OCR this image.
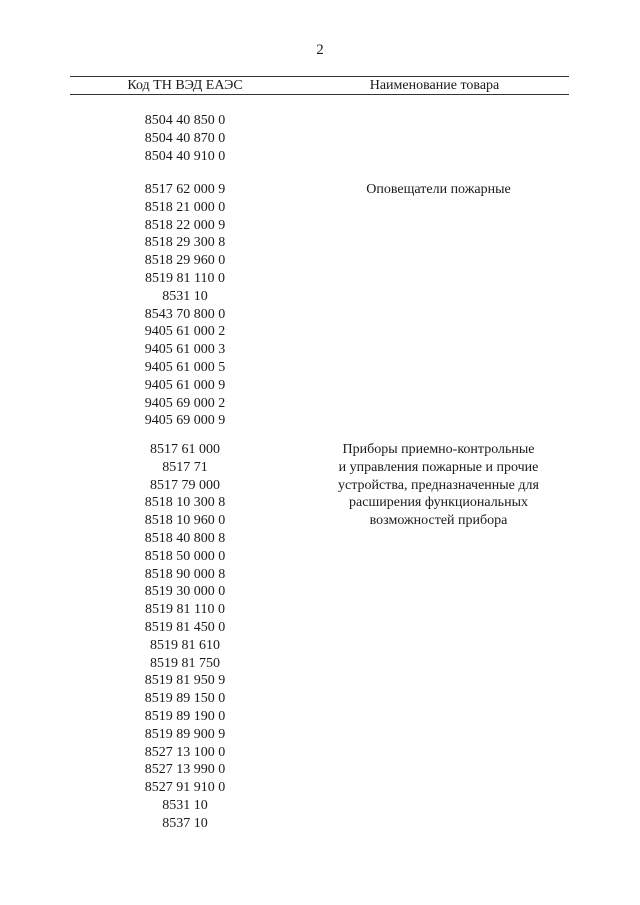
2
Код ТН ВЭД ЕАЭС	Наименование товара
8504 40 850 0
8504 40 870 0
8504 40 910 0
8517 62 000 9
8518 21 000 0
8518 22 000 9
8518 29 300 8
8518 29 960 0
8519 81 110 0
8531 10
8543 70 800 0
9405 61 000 2
9405 61 000 3
9405 61 000 5
9405 61 000 9
9405 69 000 2
9405 69 000 9
Оповещатели пожарные
8517 61 000
8517 71
8517 79 000
8518 10 300 8
8518 10 960 0
8518 40 800 8
8518 50 000 0
8518 90 000 8
8519 30 000 0
8519 81 110 0
8519 81 450 0
8519 81 610
8519 81 750
8519 81 950 9
8519 89 150 0
8519 89 190 0
8519 89 900 9
8527 13 100 0
8527 13 990 0
8527 91 910 0
8531 10
8537 10
Приборы приемно-контрольные
и управления пожарные и прочие
устройства, предназначенные для
расширения функциональных
возможностей прибора
